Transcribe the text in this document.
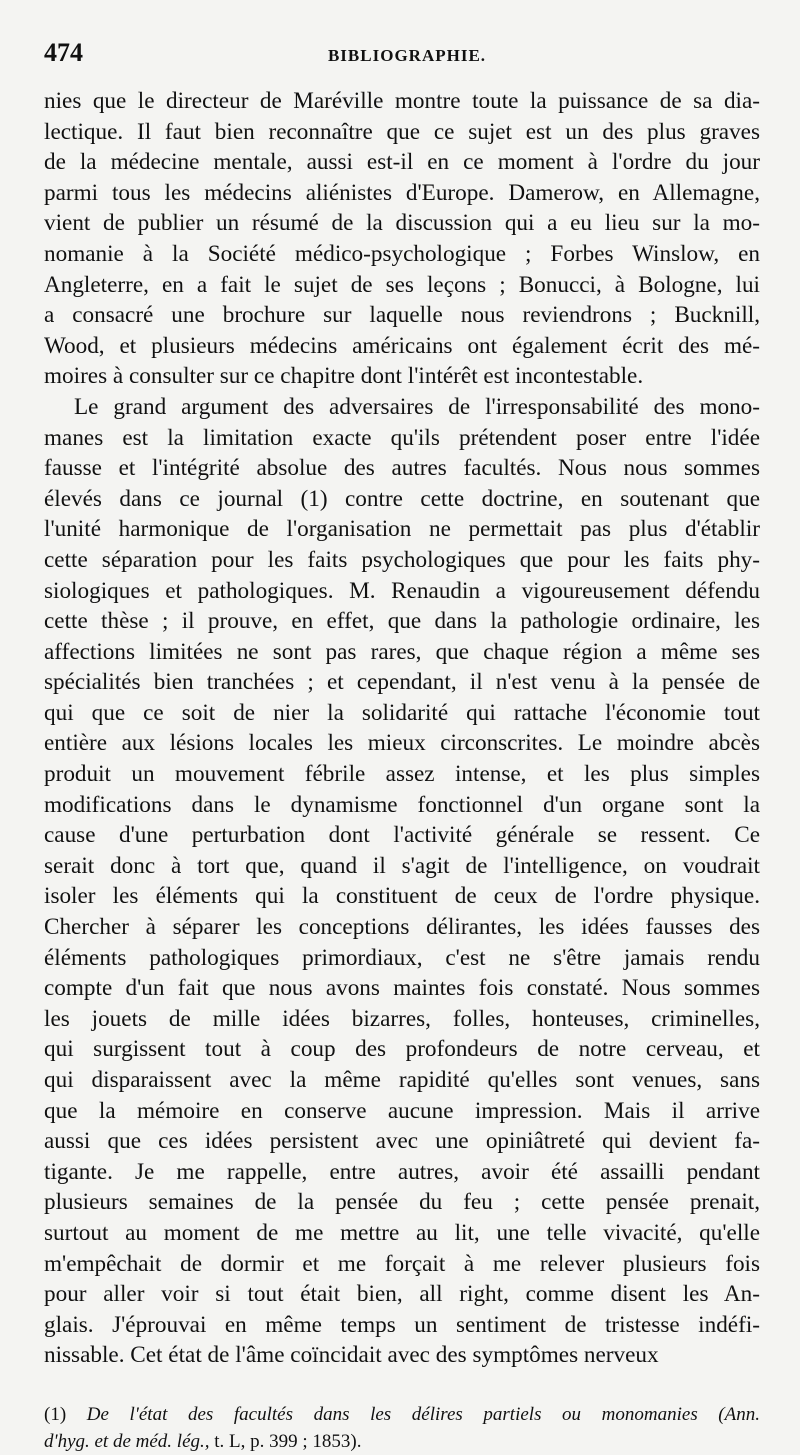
474	BIBLIOGRAPHIE.

nies que le directeur de Maréville montre toute la puissance de sa dia-
lectique. Il faut bien reconnaître que ce sujet est un des plus graves
de la médecine mentale, aussi est-il en ce moment à l'ordre du jour
parmi tous les médecins aliénistes d'Europe. Damerow, en Allemagne,
vient de publier un résumé de la discussion qui a eu lieu sur la mo-
nomanie à la Société médico-psychologique ; Forbes Winslow, en
Angleterre, en a fait le sujet de ses leçons ; Bonucci, à Bologne, lui
a consacré une brochure sur laquelle nous reviendrons ; Bucknill,
Wood, et plusieurs médecins américains ont également écrit des mé-
moires à consulter sur ce chapitre dont l'intérêt est incontestable.

Le grand argument des adversaires de l'irresponsabilité des mono-
manes est la limitation exacte qu'ils prétendent poser entre l'idée
fausse et l'intégrité absolue des autres facultés. Nous nous sommes
élevés dans ce journal (1) contre cette doctrine, en soutenant que
l'unité harmonique de l'organisation ne permettait pas plus d'établir
cette séparation pour les faits psychologiques que pour les faits phy-
siologiques et pathologiques. M. Renaudin a vigoureusement défendu
cette thèse ; il prouve, en effet, que dans la pathologie ordinaire, les
affections limitées ne sont pas rares, que chaque région a même ses
spécialités bien tranchées ; et cependant, il n'est venu à la pensée de
qui que ce soit de nier la solidarité qui rattache l'économie tout
entière aux lésions locales les mieux circonscrites. Le moindre abcès
produit un mouvement fébrile assez intense, et les plus simples
modifications dans le dynamisme fonctionnel d'un organe sont la
cause d'une perturbation dont l'activité générale se ressent. Ce
serait donc à tort que, quand il s'agit de l'intelligence, on voudrait
isoler les éléments qui la constituent de ceux de l'ordre physique.
Chercher à séparer les conceptions délirantes, les idées fausses des
éléments pathologiques primordiaux, c'est ne s'être jamais rendu
compte d'un fait que nous avons maintes fois constaté. Nous sommes
les jouets de mille idées bizarres, folles, honteuses, criminelles,
qui surgissent tout à coup des profondeurs de notre cerveau, et
qui disparaissent avec la même rapidité qu'elles sont venues, sans
que la mémoire en conserve aucune impression. Mais il arrive
aussi que ces idées persistent avec une opiniâtreté qui devient fa-
tigante. Je me rappelle, entre autres, avoir été assailli pendant
plusieurs semaines de la pensée du feu ; cette pensée prenait,
surtout au moment de me mettre au lit, une telle vivacité, qu'elle
m'empêchait de dormir et me forçait à me relever plusieurs fois
pour aller voir si tout était bien, all right, comme disent les An-
glais. J'éprouvai en même temps un sentiment de tristesse indéfi-
nissable. Cet état de l'âme coïncidait avec des symptômes nerveux

(1) De l'état des facultés dans les délires partiels ou monomanies (Ann.
d'hyg. et de méd. lég., t. L, p. 399 ; 1853).
